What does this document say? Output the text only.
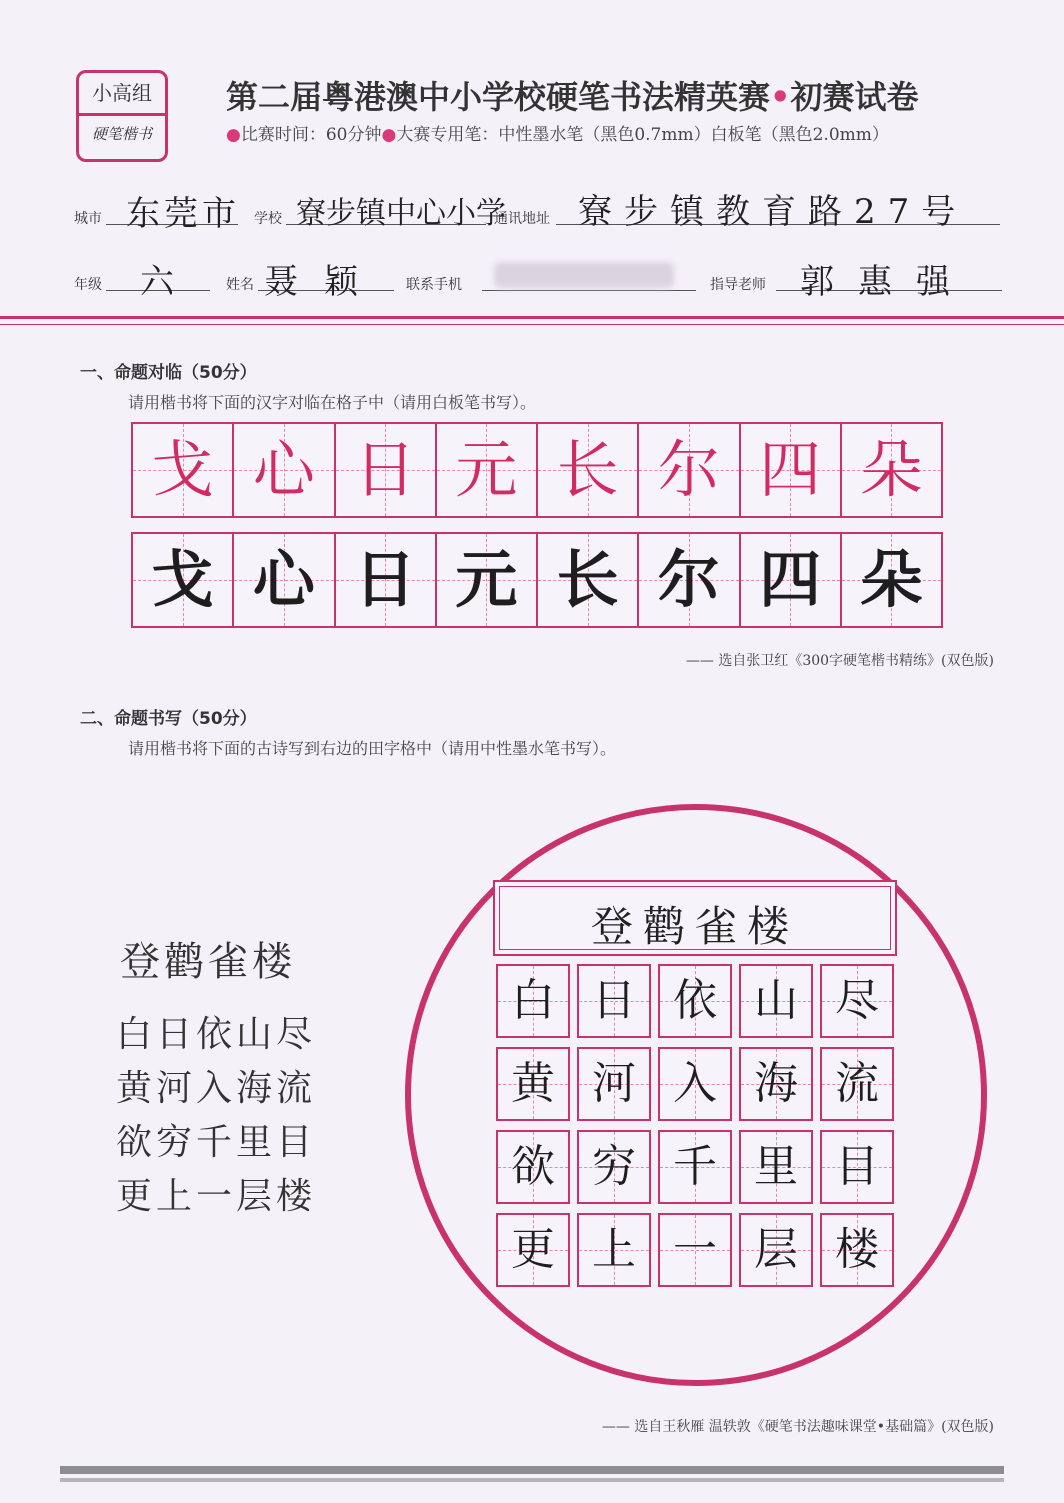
小高组
硬笔楷书
第二届粤港澳中小学校硬笔书法精英赛•初赛试卷
●比赛时间：60分钟●大赛专用笔：中性墨水笔（黑色0.7mm）白板笔（黑色2.0mm）
城市 东莞市 学校 寮步镇中心小学
通讯地址 寮步镇教育路27号
年级 六	姓名 聂颖 联系手机	指导老师 郭惠强
一、命题对临（50分）
请用楷书将下面的汉字对临在格子中（请用白板笔书写）。
戈 心 日 元 长 尔 四 朵
戈 心 日 元 长 尔 四 朵
—— 选自张卫红《300字硬笔楷书精练》(双色版)
二、命题书写（50分）
请用楷书将下面的古诗写到右边的田字格中（请用中性墨水笔书写）。
登鹳雀楼
白日依山尽
黄河入海流
欲穷千里目
更上一层楼
登鹳雀楼
白 日 依 山 尽
黄 河 入 海 流
欲 穷 千 里 目
更 上 一 层 楼
—— 选自王秋雁 温轶敦《硬笔书法趣味课堂•基础篇》(双色版)
